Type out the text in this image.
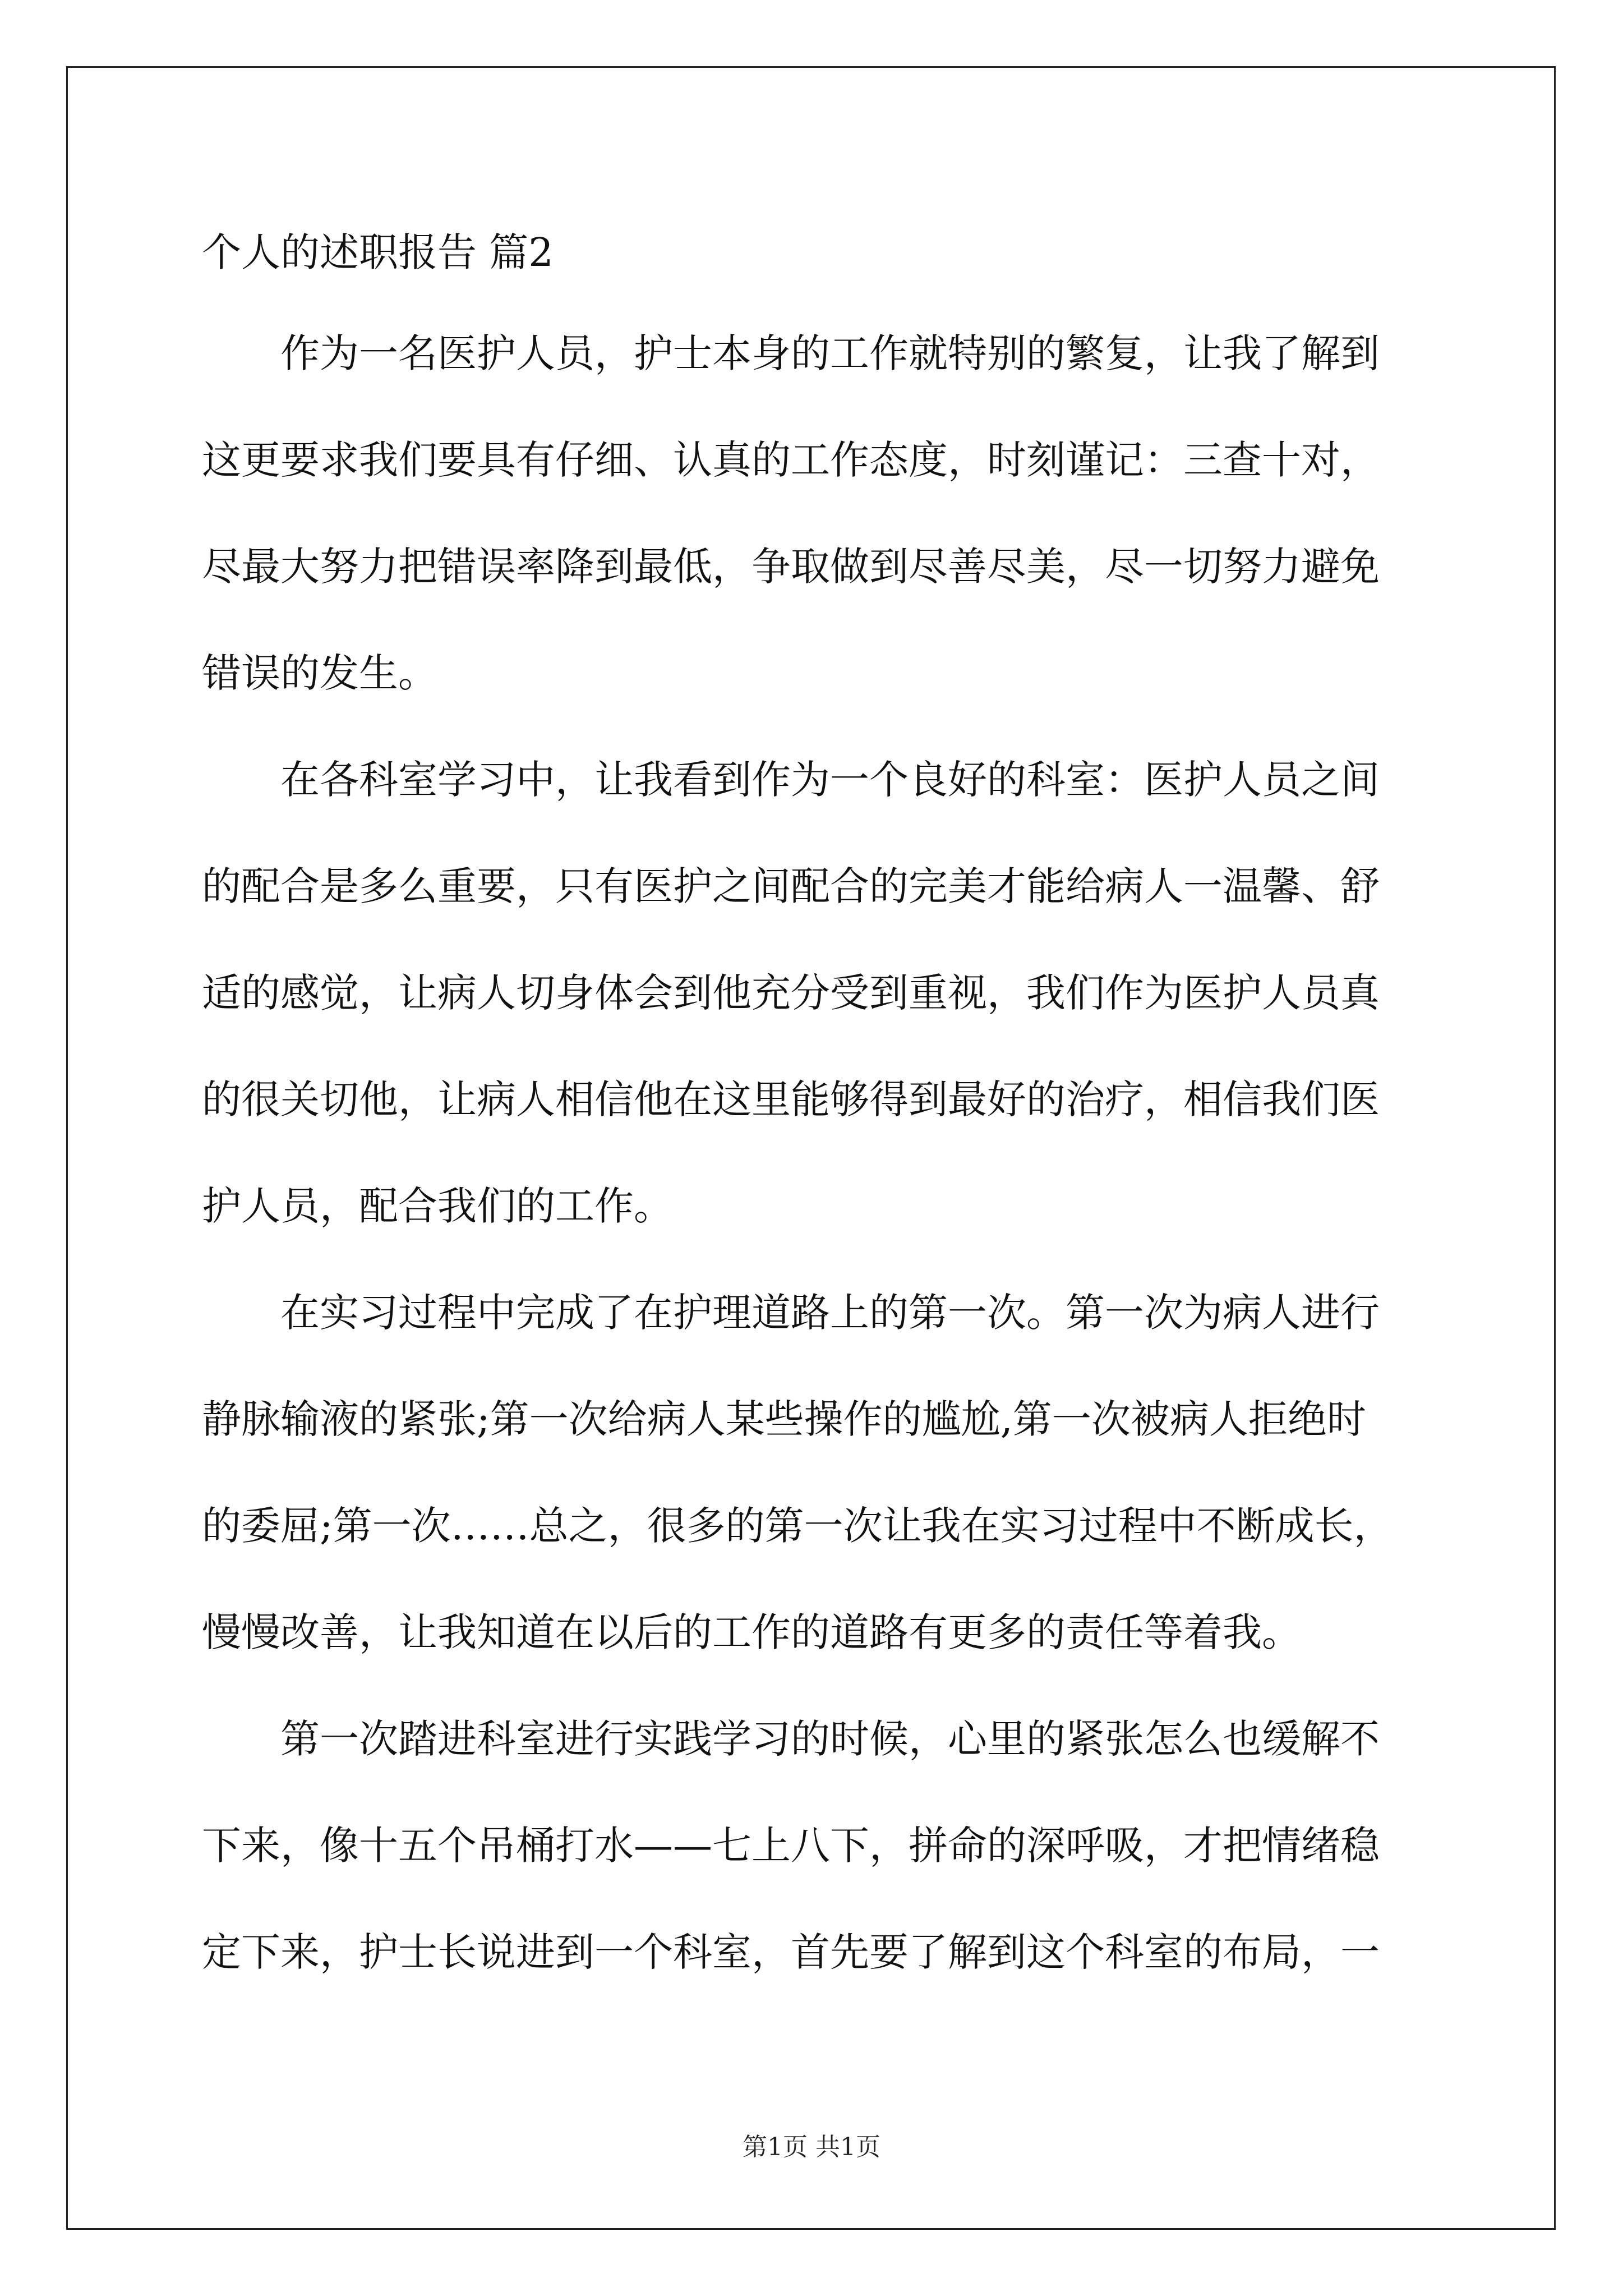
个人的述职报告 篇2

作为一名医护人员，护士本身的工作就特别的繁复，让我了解到

这更要求我们要具有仔细、认真的工作态度，时刻谨记：三查十对，

尽最大努力把错误率降到最低，争取做到尽善尽美，尽一切努力避免

错误的发生。

在各科室学习中，让我看到作为一个良好的科室：医护人员之间

的配合是多么重要，只有医护之间配合的完美才能给病人一温馨、舒

适的感觉，让病人切身体会到他充分受到重视，我们作为医护人员真

的很关切他，让病人相信他在这里能够得到最好的治疗，相信我们医

护人员，配合我们的工作。

在实习过程中完成了在护理道路上的第一次。第一次为病人进行

静脉输液的紧张;第一次给病人某些操作的尴尬,第一次被病人拒绝时

的委屈;第一次……总之，很多的第一次让我在实习过程中不断成长，

慢慢改善，让我知道在以后的工作的道路有更多的责任等着我。

第一次踏进科室进行实践学习的时候，心里的紧张怎么也缓解不

下来，像十五个吊桶打水——七上八下，拼命的深呼吸，才把情绪稳

定下来，护士长说进到一个科室，首先要了解到这个科室的布局，一

第1页 共1页
